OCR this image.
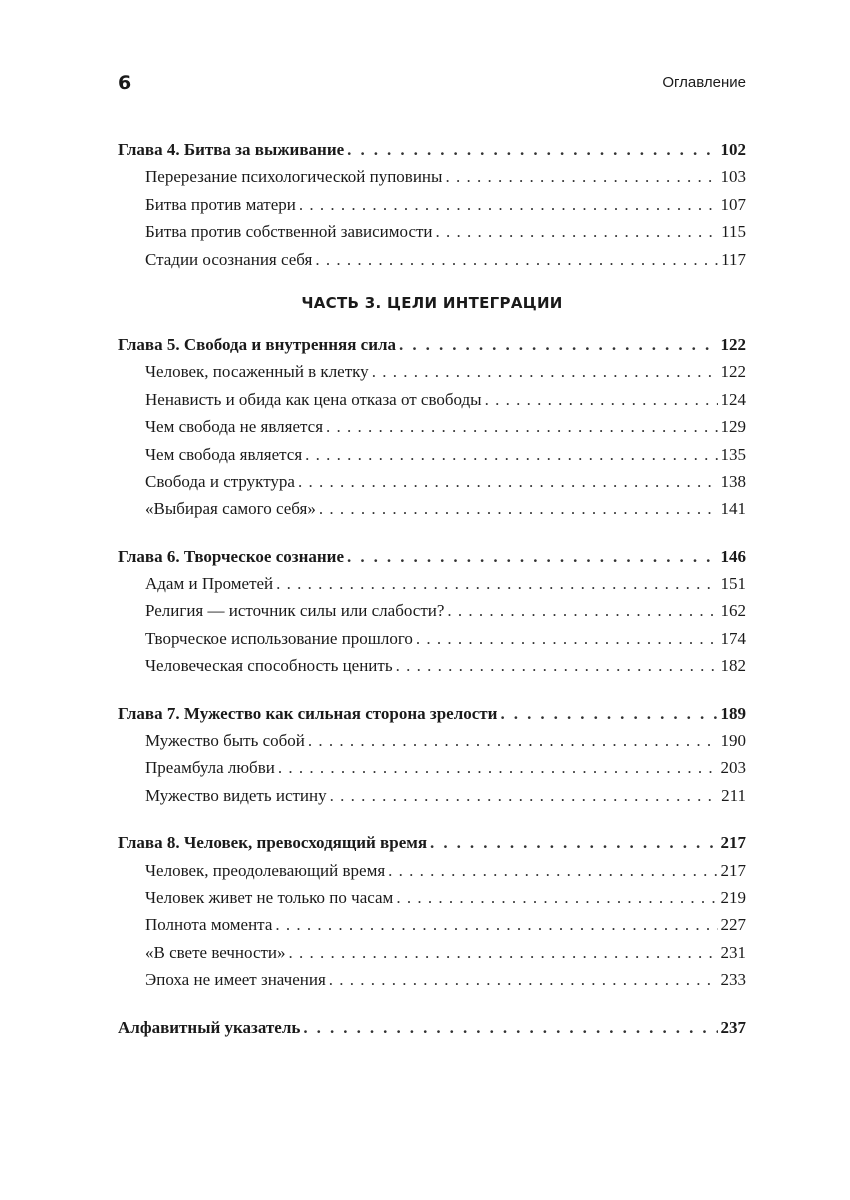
6	Оглавление
Глава 4. Битва за выживание . . .	102
Перерезание психологической пуповины . . .	103
Битва против матери . . .	107
Битва против собственной зависимости . . .	115
Стадии осознания себя . . .	117
ЧАСТЬ 3. ЦЕЛИ ИНТЕГРАЦИИ
Глава 5. Свобода и внутренняя сила . . .	122
Человек, посаженный в клетку . . .	122
Ненависть и обида как цена отказа от свободы . . .	124
Чем свобода не является . . .	129
Чем свобода является . . .	135
Свобода и структура . . .	138
«Выбирая самого себя» . . .	141
Глава 6. Творческое сознание . . .	146
Адам и Прометей . . .	151
Религия — источник силы или слабости? . . .	162
Творческое использование прошлого . . .	174
Человеческая способность ценить . . .	182
Глава 7. Мужество как сильная сторона зрелости . . .	189
Мужество быть собой . . .	190
Преамбула любви . . .	203
Мужество видеть истину . . .	211
Глава 8. Человек, превосходящий время . . .	217
Человек, преодолевающий время . . .	217
Человек живет не только по часам . . .	219
Полнота момента . . .	227
«В свете вечности» . . .	231
Эпоха не имеет значения . . .	233
Алфавитный указатель . . .	237
